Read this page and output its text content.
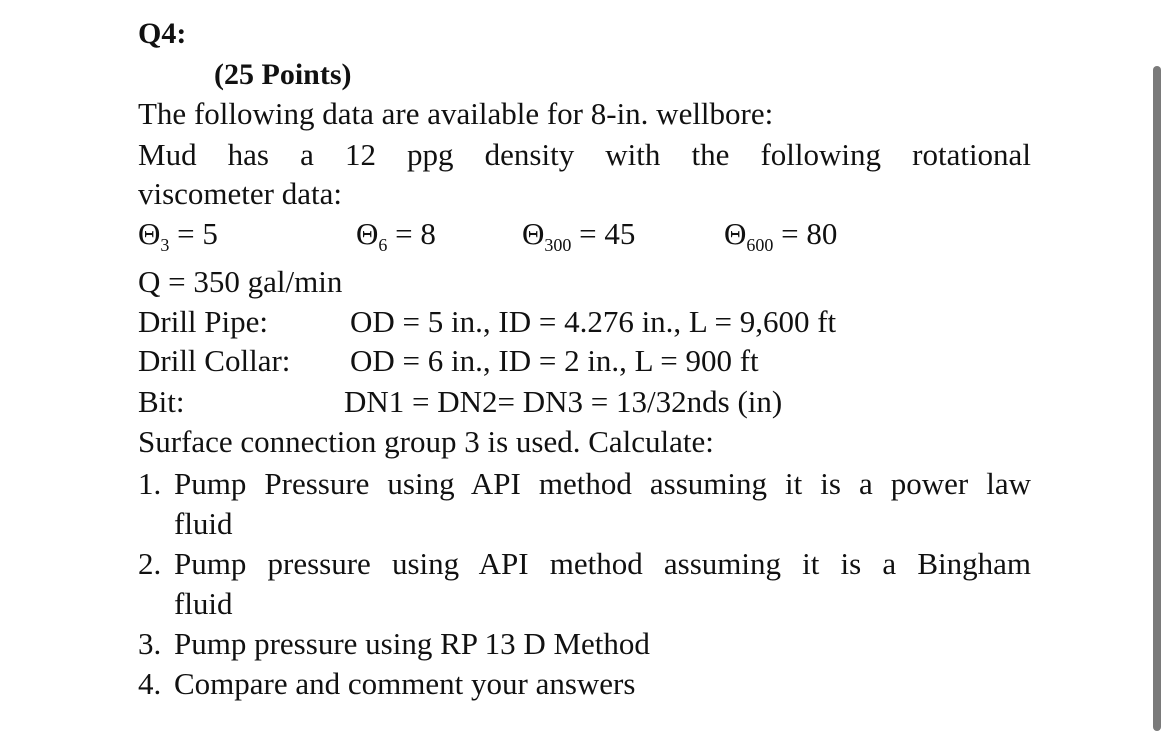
Q4:
(25 Points)
The following data are available for 8-in. wellbore:
Mud has a 12 ppg density with the following rotational
viscometer data:
$\Theta_3 = 5$	$\Theta_6 = 8$	$\Theta_{300} = 45$	$\Theta_{600} = 80$
Q = 350 gal/min
Drill Pipe:	OD = 5 in., ID = 4.276 in., L = 9,600 ft
Drill Collar: OD = 6 in., ID = 2 in., L = 900 ft
Bit:	DN1 = DN2= DN3 = 13/32nds (in)
Surface connection group 3 is used. Calculate:
1. Pump Pressure using API method assuming it is a power law
fluid
2. Pump pressure using API method assuming it is a Bingham
fluid
3. Pump pressure using RP 13 D Method
4. Compare and comment your answers
